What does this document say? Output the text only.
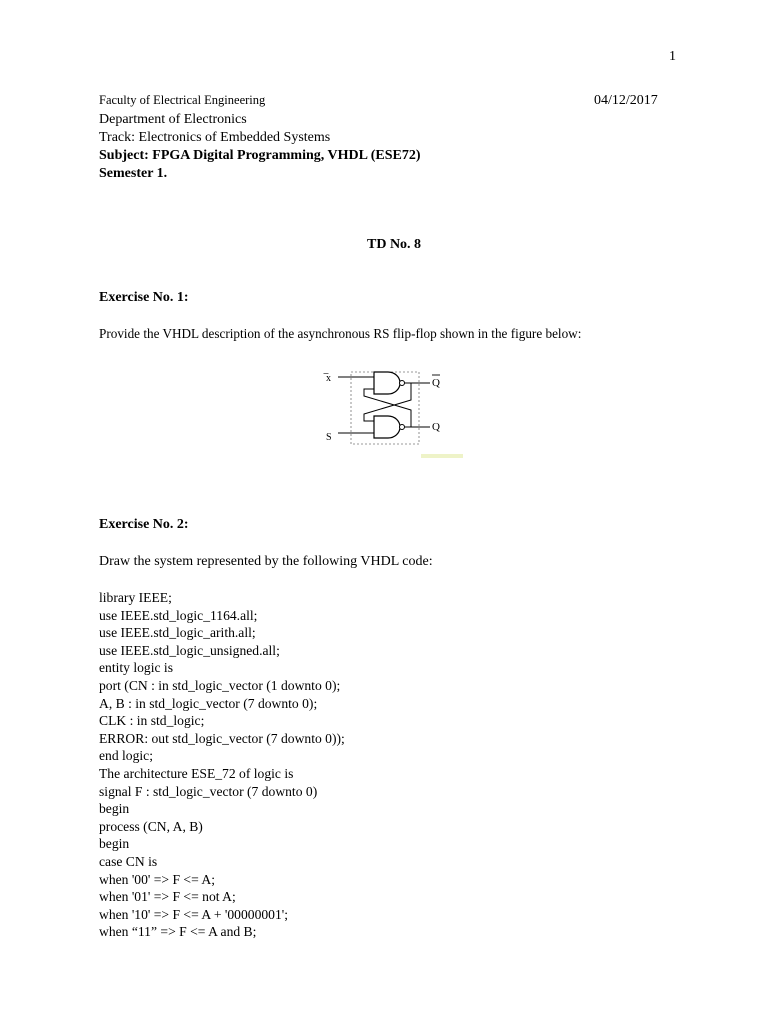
1
Faculty of Electrical Engineering	04/12/2017
Department of Electronics
Track: Electronics of Embedded Systems
Subject: FPGA Digital Programming, VHDL (ESE72)
Semester 1.
TD No. 8
Exercise No. 1:
Provide the VHDL description of the asynchronous RS flip-flop shown in the figure below:
̅x
S
Q
Q
Exercise No. 2:
Draw the system represented by the following VHDL code:
library IEEE;
use IEEE.std_logic_1164.all;
use IEEE.std_logic_arith.all;
use IEEE.std_logic_unsigned.all;
entity logic is
port (CN : in std_logic_vector (1 downto 0);
A, B : in std_logic_vector (7 downto 0);
CLK : in std_logic;
ERROR: out std_logic_vector (7 downto 0));
end logic;
The architecture ESE_72 of logic is
signal F : std_logic_vector (7 downto 0)
begin
process (CN, A, B)
begin
case CN is
when '00' => F <= A;
when '01' => F <= not A;
when '10' => F <= A + '00000001';
when “11” => F <= A and B;
